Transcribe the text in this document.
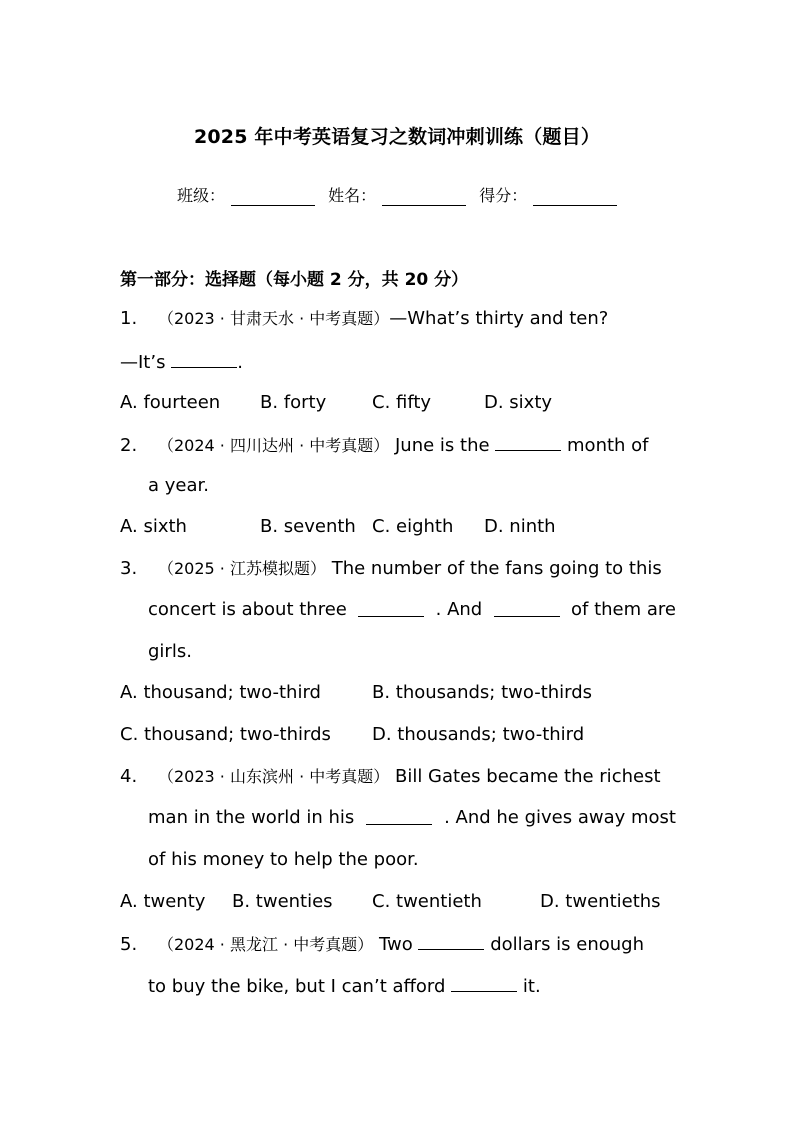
2025 年中考英语复习之数词冲刺训练（题目）
班级：	姓名：	得分：
第一部分：选择题（每小题 2 分，共 20 分）
1. （2023 · 甘肃天水 · 中考真题）—What’s thirty and ten?
—It’s	.
A. fourteen B. forty	C. fifty	D. sixty
2. （2024 · 四川达州 · 中考真题） June is the	month of
a year.
A. sixth	B. seventh C. eighth D. ninth
3. （2025 · 江苏模拟题） The number of the fans going to this
concert is about three	. And	of them are
girls.
A. thousand; two-third	B. thousands; two-thirds
C. thousand; two-thirds D. thousands; two-third
4. （2023 · 山东滨州 · 中考真题） Bill Gates became the richest
man in the world in his	. And he gives away most
of his money to help the poor.
A. twenty B. twenties C. twentieth	D. twentieths
5. （2024 · 黑龙江 · 中考真题） Two	dollars is enough
to buy the bike, but I can’t afford	it.
